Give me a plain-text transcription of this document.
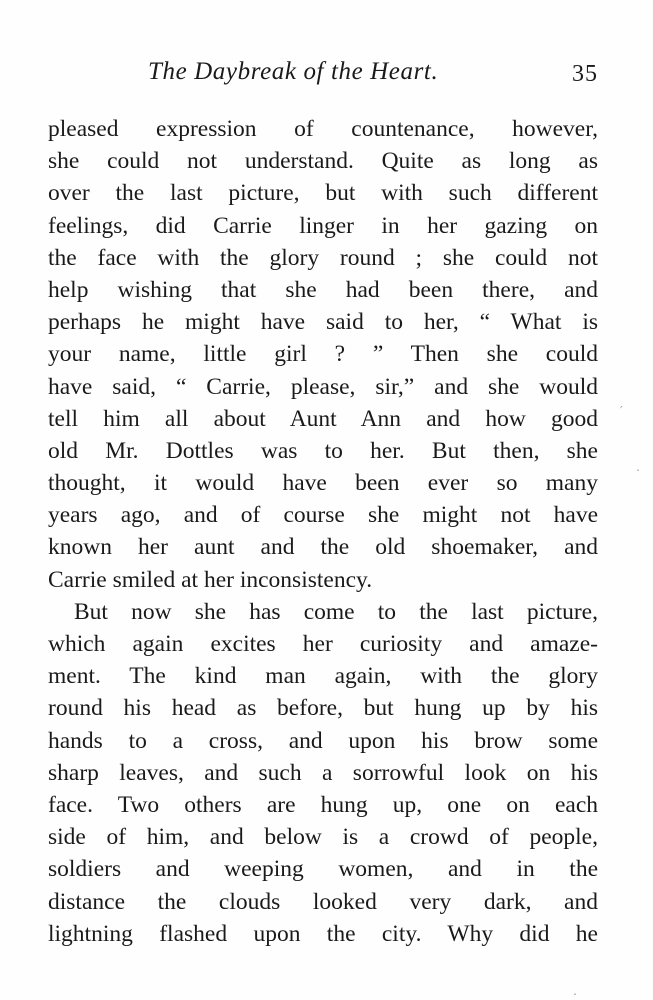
The Daybreak of the Heart.	35
pleased expression of countenance, however,
she could not understand. Quite as long as
over the last picture, but with such different
feelings, did Carrie linger in her gazing on
the face with the glory round ; she could not
help wishing that she had been there, and
perhaps he might have said to her, “ What is
your name, little girl ? ” Then she could
have said, “ Carrie, please, sir,” and she would
tell him all about Aunt Ann and how good
old Mr. Dottles was to her. But then, she
thought, it would have been ever so many
years ago, and of course she might not have
known her aunt and the old shoemaker, and
Carrie smiled at her inconsistency.
But now she has come to the last picture,
which again excites her curiosity and amaze-
ment. The kind man again, with the glory
round his head as before, but hung up by his
hands to a cross, and upon his brow some
sharp leaves, and such a sorrowful look on his
face. Two others are hung up, one on each
side of him, and below is a crowd of people,
soldiers and weeping women, and in the
distance the clouds looked very dark, and
lightning flashed upon the city. Why did he
′
․
․
